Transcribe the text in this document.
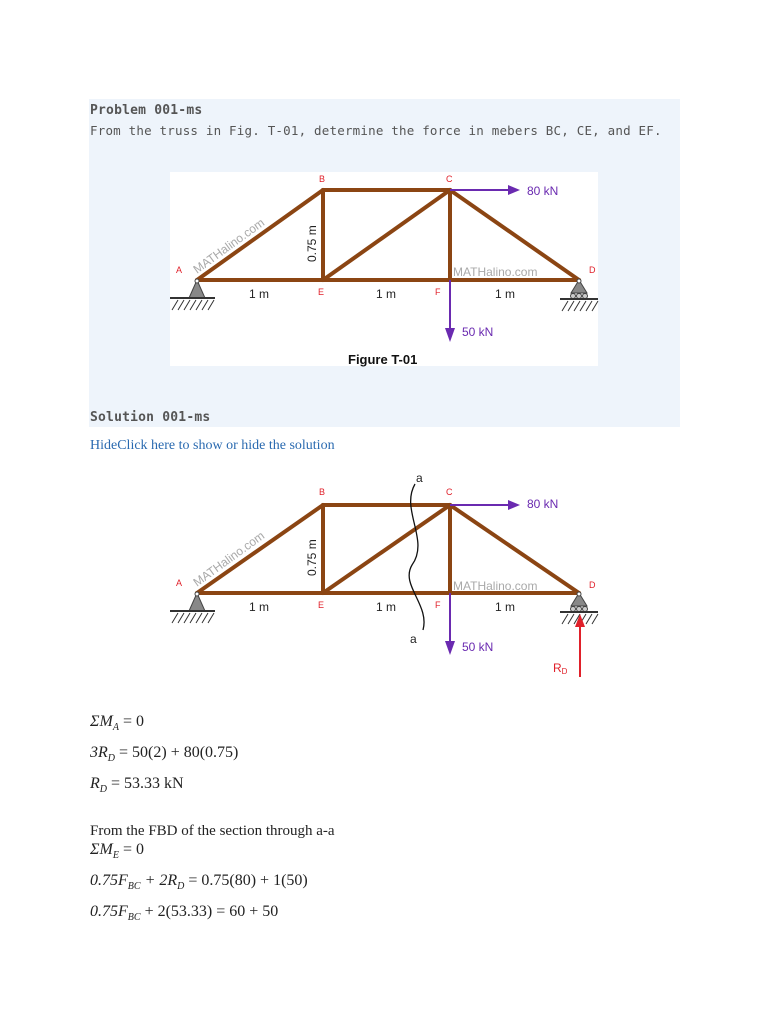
Problem 001-ms
From the truss in Fig. T-01, determine the force in mebers BC, CE, and EF.
A
B	C
D
E	F
1 m	1 m	1 m
0.75 m
80 kN
50 kN
MATHalino.com	MATHalino.com
Figure T-01
Solution 001-ms
HideClick here to show or hide the solution
A
B	C
D
E	F
a
a
1 m	1 m	1 m
0.75 m
80 kN
50 kN
MATHalino.com	MATHalino.com
RD
$\Sigma M_A = 0$
$3R_D = 50(2) + 80(0.75)$
$R_D = 53.33$ kN
From the FBD of the section through a-a
$\Sigma M_E = 0$
$0.75F_{BC} + 2R_D = 0.75(80) + 1(50)$
$0.75F_{BC} + 2(53.33) = 60 + 50$
